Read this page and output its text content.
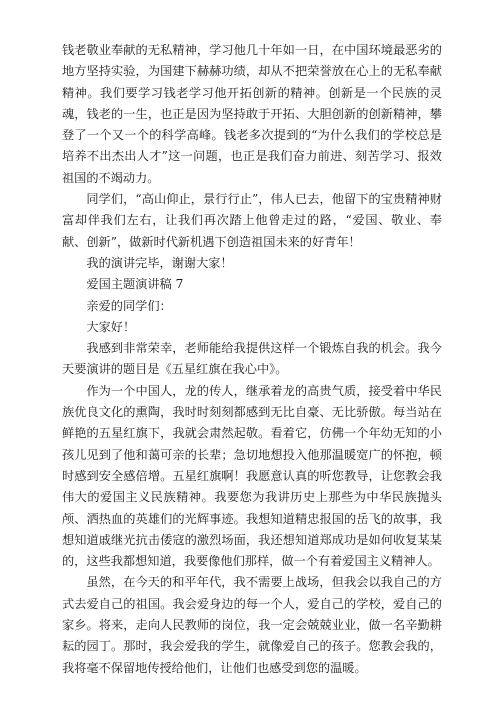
钱老敬业奉献的无私精神，学习他几十年如一日，在中国环境最恶劣的地方坚持实验，为国建下赫赫功绩，却从不把荣誉放在心上的无私奉献精神。我们要学习钱老学习他开拓创新的精神。创新是一个民族的灵魂，钱老的一生，也正是因为坚持敢于开拓、大胆创新的创新精神，攀登了一个又一个的科学高峰。钱老多次提到的“为什么我们的学校总是培养不出杰出人才”这一问题，也正是我们奋力前进、刻苦学习、报效祖国的不竭动力。

同学们，“高山仰止，景行行止”，伟人已去，他留下的宝贵精神财富却伴我们左右，让我们再次踏上他曾走过的路，“爱国、敬业、奉献、创新”，做新时代新机遇下创造祖国未来的好青年！

我的演讲完毕，谢谢大家！

爱国主题演讲稿 7

亲爱的同学们：

大家好！

我感到非常荣幸，老师能给我提供这样一个锻炼自我的机会。我今天要演讲的题目是《五星红旗在我心中》。

作为一个中国人，龙的传人，继承着龙的高贵气质，接受着中华民族优良文化的熏陶，我时时刻刻都感到无比自豪、无比骄傲。每当站在鲜艳的五星红旗下，我就会肃然起敬。看着它，仿佛一个年幼无知的小孩儿见到了他和蔼可亲的长辈；急切地想投入他那温暖宽广的怀抱，顿时感到安全感倍增。五星红旗啊！我愿意认真的听您教导，让您教会我伟大的爱国主义民族精神。我要您为我讲历史上那些为中华民族抛头颅、洒热血的英雄们的光辉事迹。我想知道精忠报国的岳飞的故事，我想知道戚继光抗击倭寇的激烈场面，我还想知道郑成功是如何收复某某的，这些我都想知道，我要像他们那样，做一个有着爱国主义精神人。

虽然，在今天的和平年代，我不需要上战场，但我会以我自己的方式去爱自己的祖国。我会爱身边的每一个人，爱自己的学校，爱自己的家乡。将来，走向人民教师的岗位，我一定会兢兢业业，做一名辛勤耕耘的园丁。那时，我会爱我的学生，就像爱自己的孩子。您教会我的，我将毫不保留地传授给他们，让他们也感受到您的温暖。
